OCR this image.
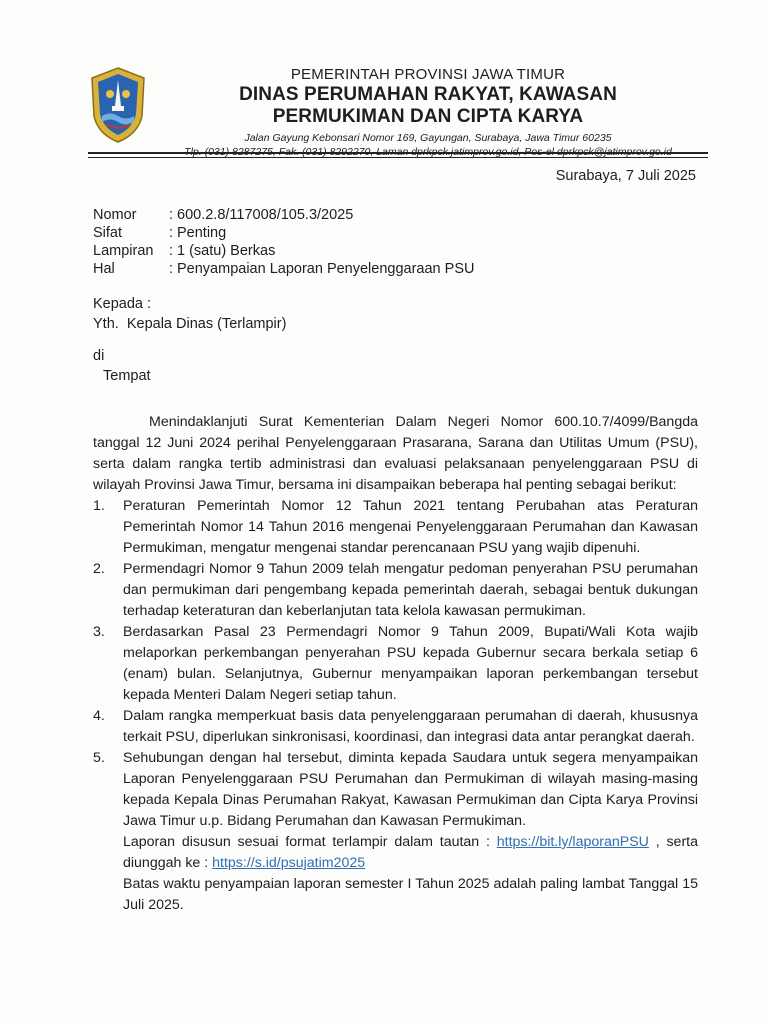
PEMERINTAH PROVINSI JAWA TIMUR
DINAS PERUMAHAN RAKYAT, KAWASAN
PERMUKIMAN DAN CIPTA KARYA
Jalan Gayung Kebonsari Nomor 169, Gayungan, Surabaya, Jawa Timur 60235
Tlp. (031) 8287275, Fak. (031) 8292270, Laman dprkpck.jatimprov.go.id, Pos-el dprkpck@jatimprov.go.id
Surabaya, 7 Juli 2025
Nomor	: 600.2.8/117008/105.3/2025
Sifat	: Penting
Lampiran	: 1 (satu) Berkas
Hal	: Penyampaian Laporan Penyelenggaraan PSU
Kepada :
Yth.  Kepala Dinas (Terlampir)
di
Tempat

Menindaklanjuti Surat Kementerian Dalam Negeri Nomor 600.10.7/4099/Bangda tanggal 12 Juni 2024 perihal Penyelenggaraan Prasarana, Sarana dan Utilitas Umum (PSU), serta dalam rangka tertib administrasi dan evaluasi pelaksanaan penyelenggaraan PSU di wilayah Provinsi Jawa Timur, bersama ini disampaikan beberapa hal penting sebagai berikut:

1.	Peraturan Pemerintah Nomor 12 Tahun 2021 tentang Perubahan atas Peraturan Pemerintah Nomor 14 Tahun 2016 mengenai Penyelenggaraan Perumahan dan Kawasan Permukiman, mengatur mengenai standar perencanaan PSU yang wajib dipenuhi.
2.	Permendagri Nomor 9 Tahun 2009 telah mengatur pedoman penyerahan PSU perumahan dan permukiman dari pengembang kepada pemerintah daerah, sebagai bentuk dukungan terhadap keteraturan dan keberlanjutan tata kelola kawasan permukiman.
3.	Berdasarkan Pasal 23 Permendagri Nomor 9 Tahun 2009, Bupati/Wali Kota wajib melaporkan perkembangan penyerahan PSU kepada Gubernur secara berkala setiap 6 (enam) bulan. Selanjutnya, Gubernur menyampaikan laporan perkembangan tersebut kepada Menteri Dalam Negeri setiap tahun.
4.	Dalam rangka memperkuat basis data penyelenggaraan perumahan di daerah, khususnya terkait PSU, diperlukan sinkronisasi, koordinasi, dan integrasi data antar perangkat daerah.
5.	Sehubungan dengan hal tersebut, diminta kepada Saudara untuk segera menyampaikan Laporan Penyelenggaraan PSU Perumahan dan Permukiman di wilayah masing-masing kepada Kepala Dinas Perumahan Rakyat, Kawasan Permukiman dan Cipta Karya Provinsi Jawa Timur u.p. Bidang Perumahan dan Kawasan Permukiman.

Laporan disusun sesuai format terlampir dalam tautan : https://bit.ly/laporanPSU , serta diunggah ke : https://s.id/psujatim2025

Batas waktu penyampaian laporan semester I Tahun 2025 adalah paling lambat Tanggal 15 Juli 2025.
